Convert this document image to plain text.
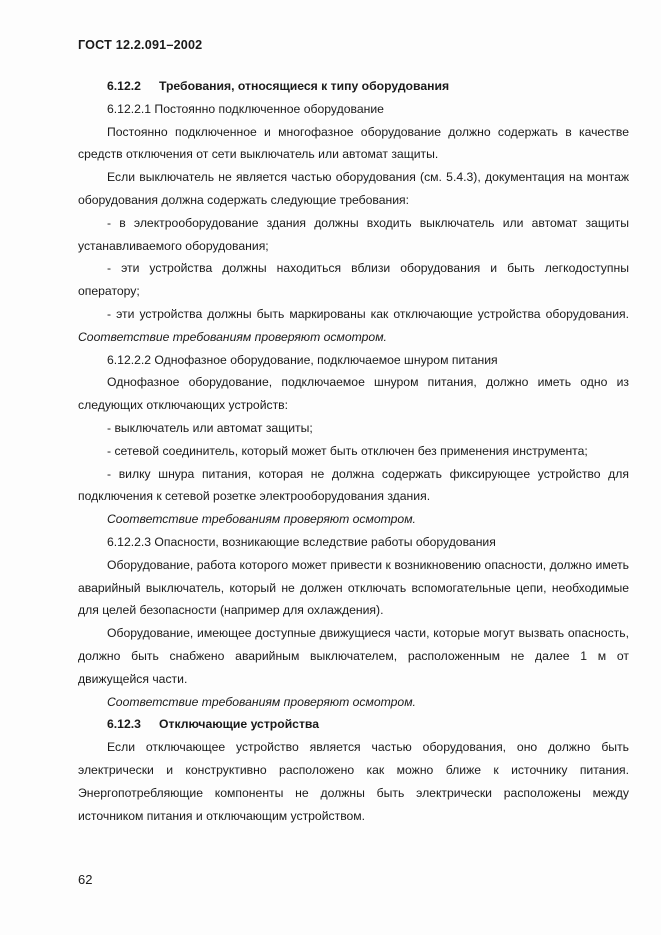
ГОСТ 12.2.091–2002

6.12.2 Требования, относящиеся к типу оборудования

6.12.2.1 Постоянно подключенное оборудование

Постоянно подключенное и многофазное оборудование должно содержать в качестве средств отключения от сети выключатель или автомат защиты.

Если выключатель не является частью оборудования (см. 5.4.3), документация на монтаж оборудования должна содержать следующие требования:

- в электрооборудование здания должны входить выключатель или автомат защиты устанавливаемого оборудования;

- эти устройства должны находиться вблизи оборудования и быть легкодоступны оператору;

- эти устройства должны быть маркированы как отключающие устройства оборудования. Соответствие требованиям проверяют осмотром.

6.12.2.2 Однофазное оборудование, подключаемое шнуром питания

Однофазное оборудование, подключаемое шнуром питания, должно иметь одно из следующих отключающих устройств:

- выключатель или автомат защиты;

- сетевой соединитель, который может быть отключен без применения инструмента;

- вилку шнура питания, которая не должна содержать фиксирующее устройство для подключения к сетевой розетке электрооборудования здания.

Соответствие требованиям проверяют осмотром.

6.12.2.3 Опасности, возникающие вследствие работы оборудования

Оборудование, работа которого может привести к возникновению опасности, должно иметь аварийный выключатель, который не должен отключать вспомогательные цепи, необходимые для целей безопасности (например для охлаждения).

Оборудование, имеющее доступные движущиеся части, которые могут вызвать опасность, должно быть снабжено аварийным выключателем, расположенным не далее 1 м от движущейся части.

Соответствие требованиям проверяют осмотром.

6.12.3 Отключающие устройства

Если отключающее устройство является частью оборудования, оно должно быть электрически и конструктивно расположено как можно ближе к источнику питания. Энергопотребляющие компоненты не должны быть электрически расположены между источником питания и отключающим устройством.

62
